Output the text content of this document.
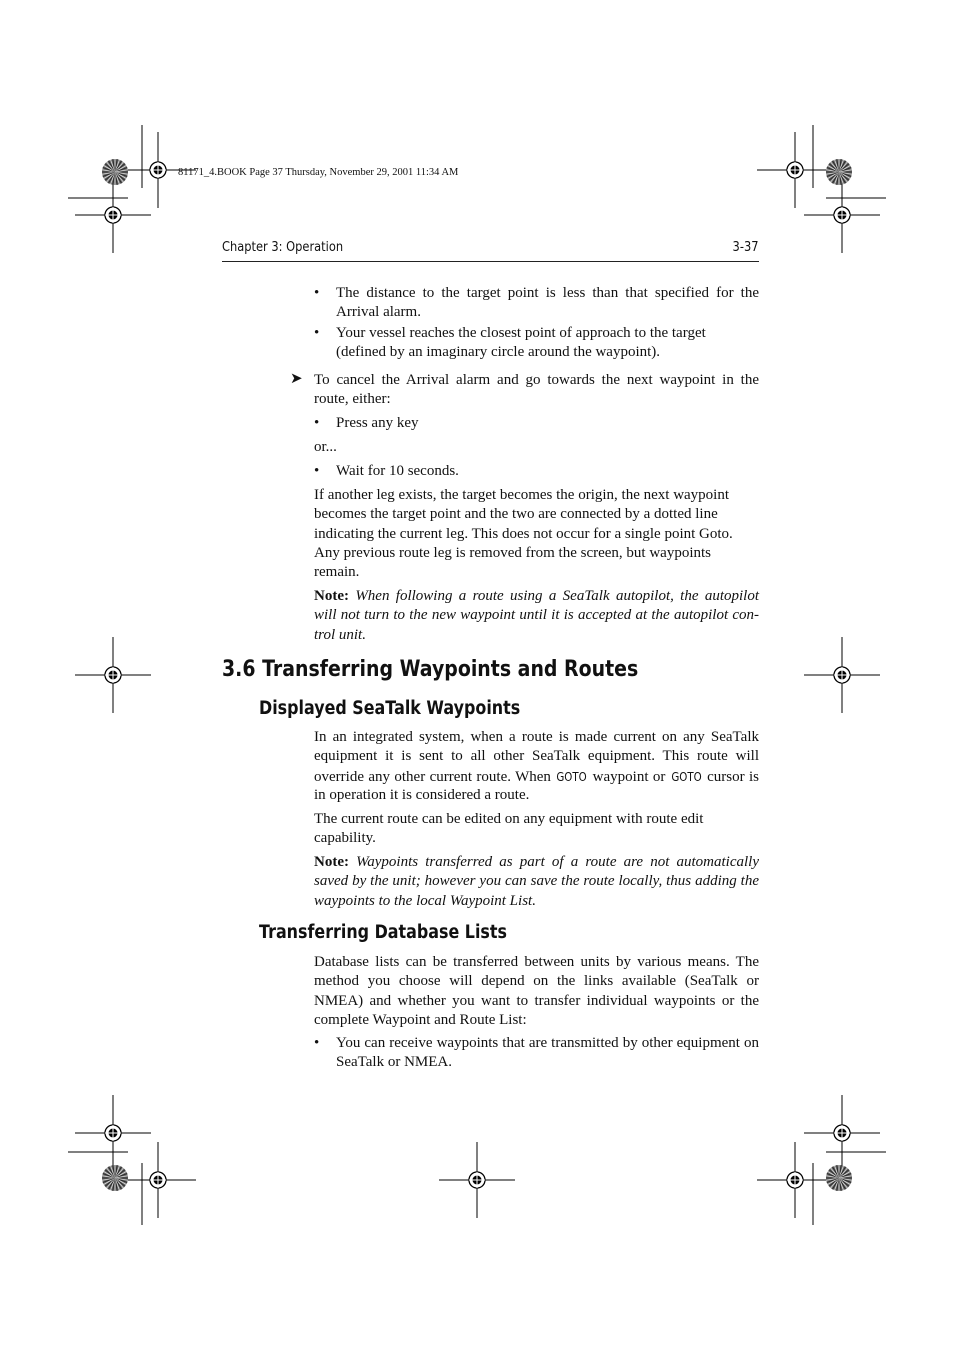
81171_4.BOOK Page 37 Thursday, November 29, 2001 11:34 AM
Chapter 3: Operation	3-37
• The distance to the target point is less than that specified for the
Arrival alarm.
• Your vessel reaches the closest point of approach to the target
(defined by an imaginary circle around the waypoint).
➤ To cancel the Arrival alarm and go towards the next waypoint in the
route, either:
• Press any key
or...
• Wait for 10 seconds.
If another leg exists, the target becomes the origin, the next waypoint
becomes the target point and the two are connected by a dotted line
indicating the current leg. This does not occur for a single point Goto.
Any previous route leg is removed from the screen, but waypoints
remain.
Note: When following a route using a SeaTalk autopilot, the autopilot
will not turn to the new waypoint until it is accepted at the autopilot con-
trol unit.
3.6 Transferring Waypoints and Routes
Displayed SeaTalk Waypoints
In an integrated system, when a route is made current on any SeaTalk
equipment it is sent to all other SeaTalk equipment. This route will
override any other current route. When GOTO waypoint or GOTO cursor is
in operation it is considered a route.
The current route can be edited on any equipment with route edit
capability.
Note: Waypoints transferred as part of a route are not automatically
saved by the unit; however you can save the route locally, thus adding the
waypoints to the local Waypoint List.
Transferring Database Lists
Database lists can be transferred between units by various means. The
method you choose will depend on the links available (SeaTalk or
NMEA) and whether you want to transfer individual waypoints or the
complete Waypoint and Route List:
• You can receive waypoints that are transmitted by other equipment on
SeaTalk or NMEA.
